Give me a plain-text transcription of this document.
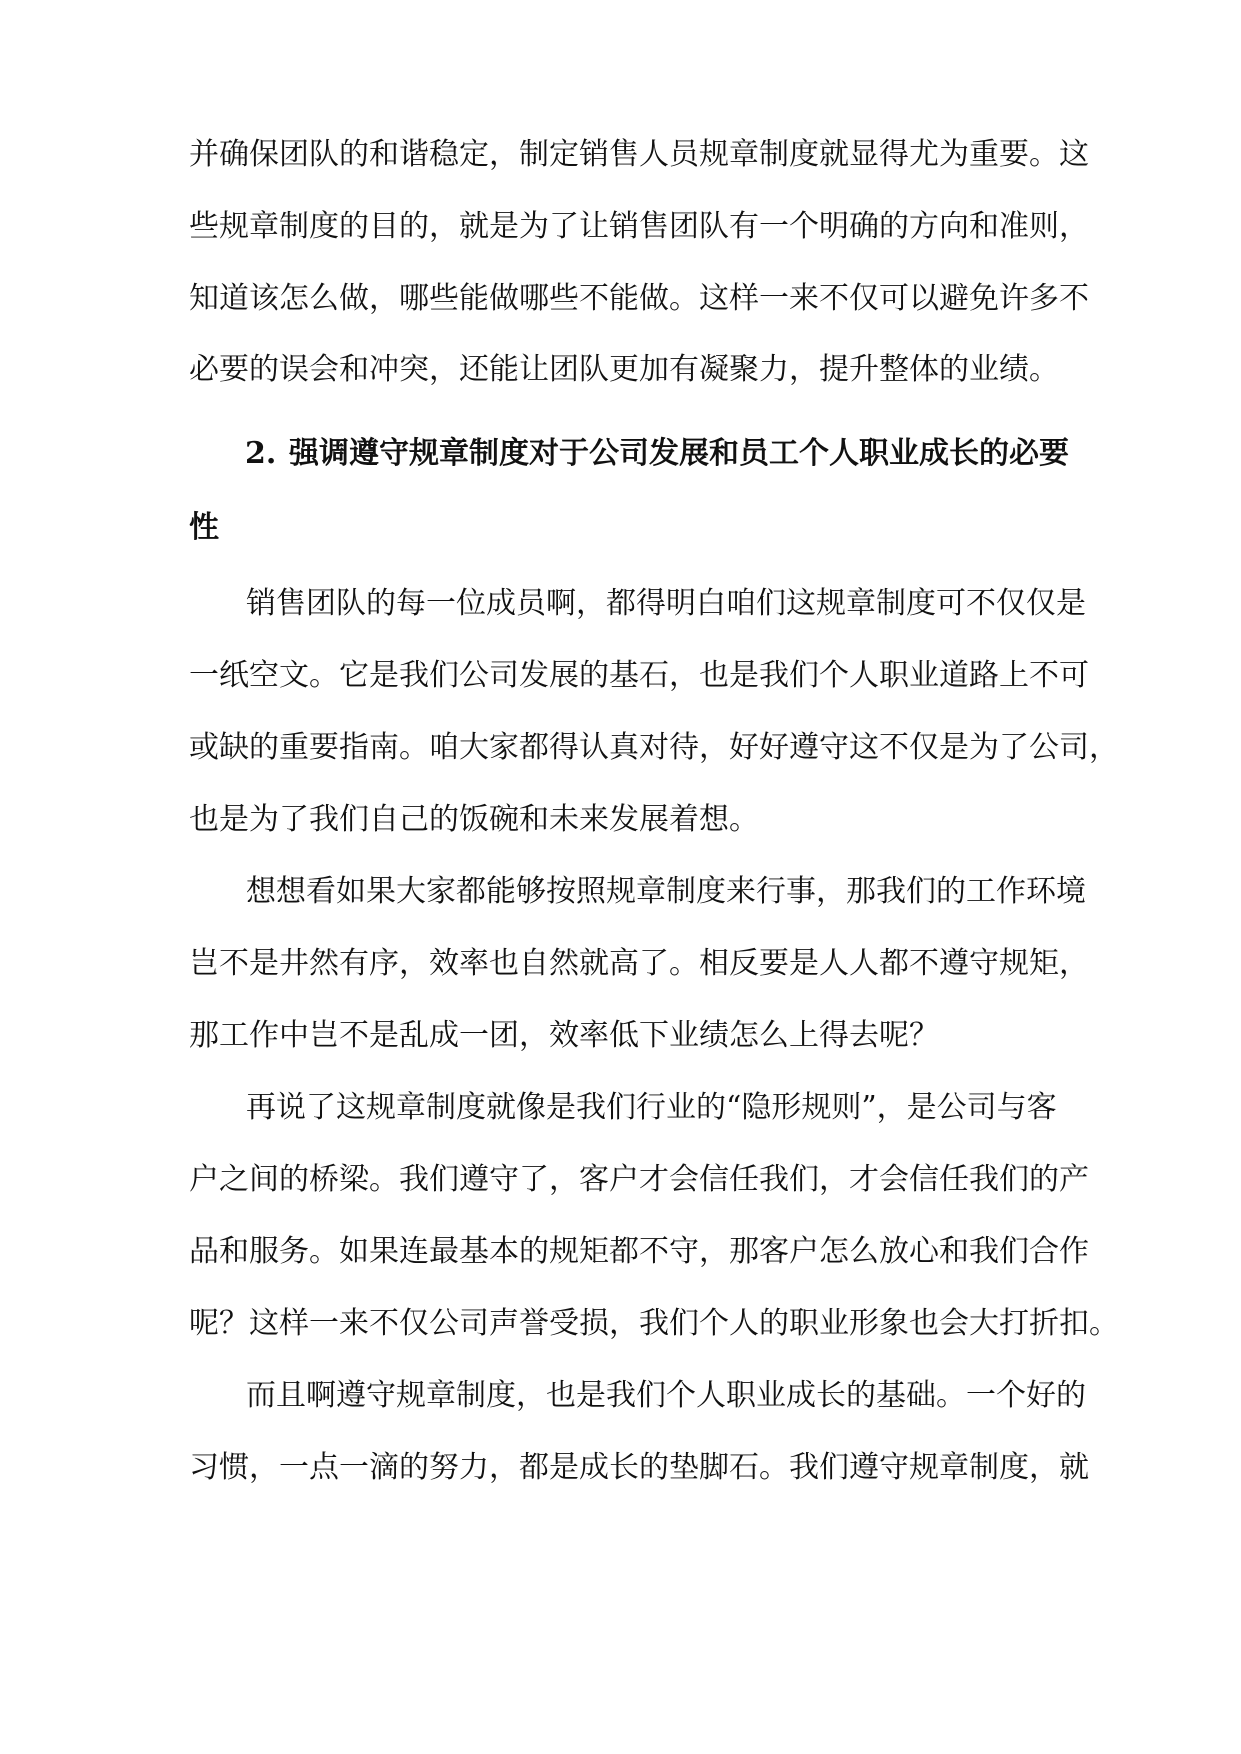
并确保团队的和谐稳定，制定销售人员规章制度就显得尤为重要。这
些规章制度的目的，就是为了让销售团队有一个明确的方向和准则，
知道该怎么做，哪些能做哪些不能做。这样一来不仅可以避免许多不
必要的误会和冲突，还能让团队更加有凝聚力，提升整体的业绩。
2. 强调遵守规章制度对于公司发展和员工个人职业成长的必要
性
销售团队的每一位成员啊，都得明白咱们这规章制度可不仅仅是
一纸空文。它是我们公司发展的基石，也是我们个人职业道路上不可
或缺的重要指南。咱大家都得认真对待，好好遵守这不仅是为了公司，
也是为了我们自己的饭碗和未来发展着想。
想想看如果大家都能够按照规章制度来行事，那我们的工作环境
岂不是井然有序，效率也自然就高了。相反要是人人都不遵守规矩，
那工作中岂不是乱成一团，效率低下业绩怎么上得去呢？
再说了这规章制度就像是我们行业的“隐形规则”，是公司与客
户之间的桥梁。我们遵守了，客户才会信任我们，才会信任我们的产
品和服务。如果连最基本的规矩都不守，那客户怎么放心和我们合作
呢？这样一来不仅公司声誉受损，我们个人的职业形象也会大打折扣。
而且啊遵守规章制度，也是我们个人职业成长的基础。一个好的
习惯，一点一滴的努力，都是成长的垫脚石。我们遵守规章制度，就
